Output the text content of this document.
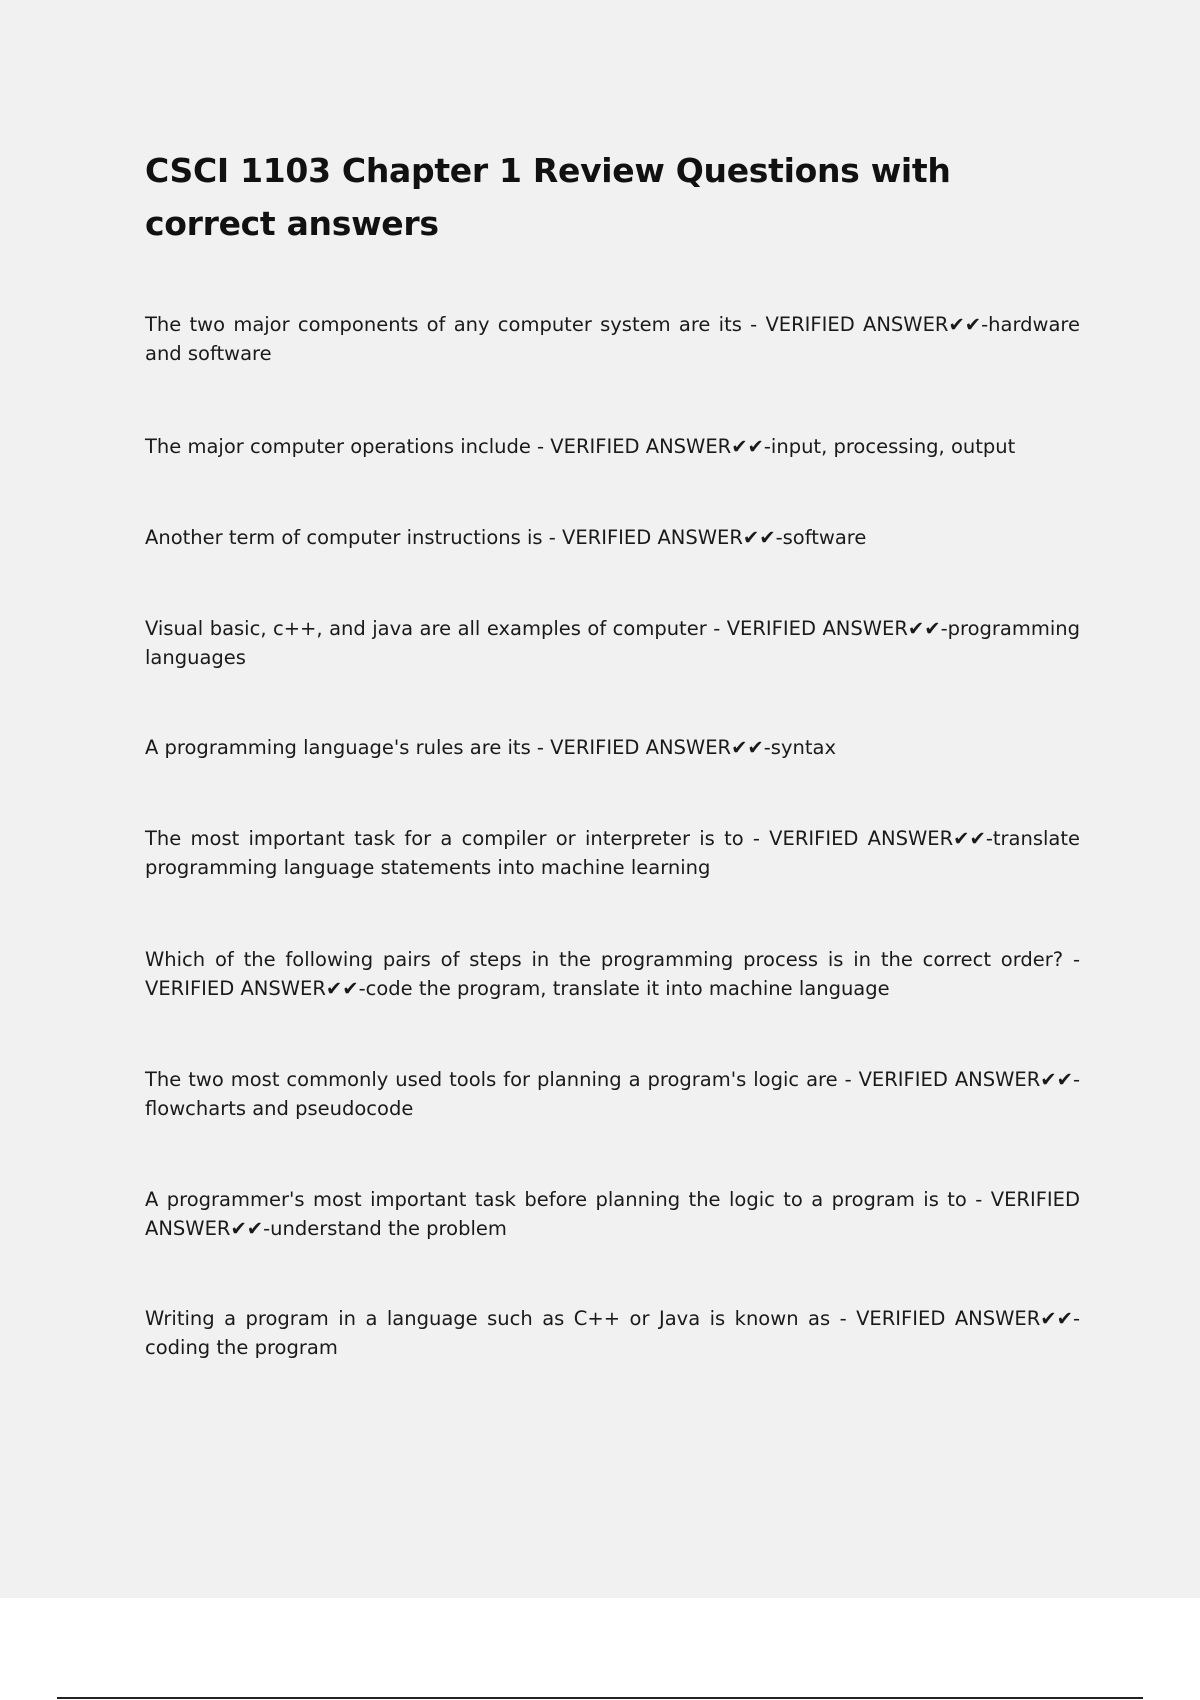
CSCI 1103 Chapter 1 Review Questions with correct answers

The two major components of any computer system are its - VERIFIED ANSWER✔✔-hardware and software

The major computer operations include - VERIFIED ANSWER✔✔-input, processing, output

Another term of computer instructions is - VERIFIED ANSWER✔✔-software

Visual basic, c++, and java are all examples of computer - VERIFIED ANSWER✔✔-programming languages

A programming language's rules are its - VERIFIED ANSWER✔✔-syntax

The most important task for a compiler or interpreter is to - VERIFIED ANSWER✔✔-translate programming language statements into machine learning

Which of the following pairs of steps in the programming process is in the correct order? - VERIFIED ANSWER✔✔-code the program, translate it into machine language

The two most commonly used tools for planning a program's logic are - VERIFIED ANSWER✔✔-flowcharts and pseudocode

A programmer's most important task before planning the logic to a program is to - VERIFIED ANSWER✔✔-understand the problem

Writing a program in a language such as C++ or Java is known as - VERIFIED ANSWER✔✔-coding the program
